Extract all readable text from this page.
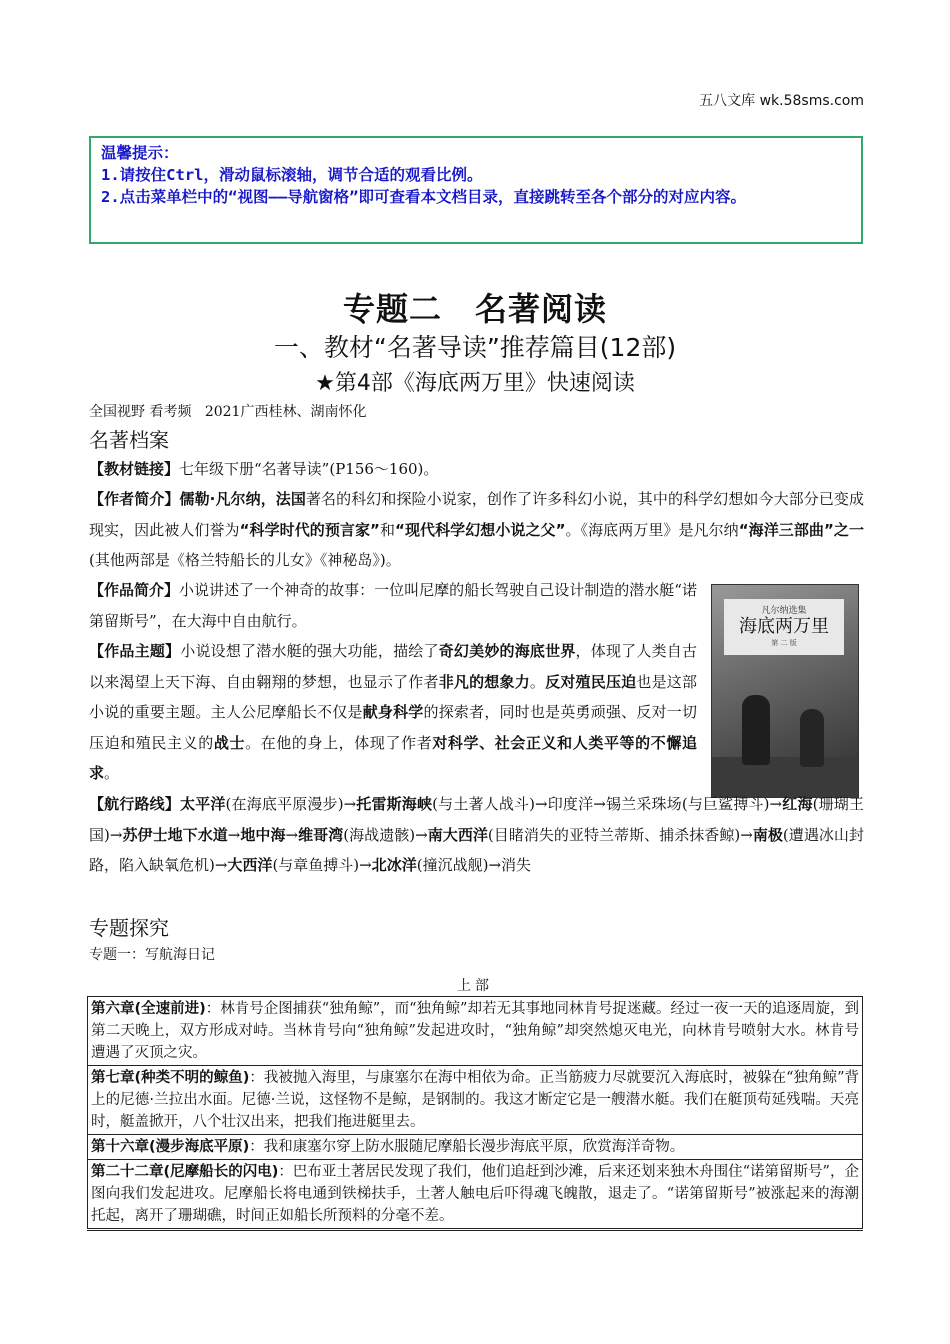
五八文库 wk.58sms.com
温馨提示：
1.请按住Ctrl，滑动鼠标滚轴，调节合适的观看比例。
2.点击菜单栏中的“视图——导航窗格”即可查看本文档目录，直接跳转至各个部分的对应内容。
专题二　名著阅读
一、教材“名著导读”推荐篇目(12部)
★第4部《海底两万里》快速阅读
全国视野 看考频 2021广西桂林、湖南怀化
名著档案
【教材链接】七年级下册“名著导读”(P156～160)。
【作者简介】儒勒·凡尔纳，法国著名的科幻和探险小说家，创作了许多科幻小说，其中的科学幻想如今大部分已变成现实，因此被人们誉为“科学时代的预言家”和“现代科学幻想小说之父”。《海底两万里》是凡尔纳“海洋三部曲”之一(其他两部是《格兰特船长的儿女》《神秘岛》)。
【作品简介】小说讲述了一个神奇的故事：一位叫尼摩的船长驾驶自己设计制造的潜水艇“诺第留斯号”，在大海中自由航行。
【作品主题】小说设想了潜水艇的强大功能，描绘了奇幻美妙的海底世界，体现了人类自古以来渴望上天下海、自由翱翔的梦想，也显示了作者非凡的想象力。反对殖民压迫也是这部小说的重要主题。主人公尼摩船长不仅是献身科学的探索者，同时也是英勇顽强、反对一切压迫和殖民主义的战士。在他的身上，体现了作者对科学、社会正义和人类平等的不懈追求。
凡尔纳选集
海底两万里
第 二 版
【航行路线】太平洋(在海底平原漫步)→托雷斯海峡(与土著人战斗)→印度洋→锡兰采珠场(与巨鲨搏斗)→红海(珊瑚王国)→苏伊士地下水道→地中海→维哥湾(海战遗骸)→南大西洋(目睹消失的亚特兰蒂斯、捕杀抹香鲸)→南极(遭遇冰山封路，陷入缺氧危机)→大西洋(与章鱼搏斗)→北冰洋(撞沉战舰)→消失
专题探究
专题一：写航海日记
上部
第六章(全速前进)：林肯号企图捕获“独角鲸”，而“独角鲸”却若无其事地同林肯号捉迷藏。经过一夜一天的追逐周旋，到第二天晚上，双方形成对峙。当林肯号向“独角鲸”发起进攻时，“独角鲸”却突然熄灭电光，向林肯号喷射大水。林肯号遭遇了灭顶之灾。
第七章(种类不明的鲸鱼)：我被抛入海里，与康塞尔在海中相依为命。正当筋疲力尽就要沉入海底时，被躲在“独角鲸”背上的尼德·兰拉出水面。尼德·兰说，这怪物不是鲸，是钢制的。我这才断定它是一艘潜水艇。我们在艇顶苟延残喘。天亮时，艇盖掀开，八个壮汉出来，把我们拖进艇里去。
第十六章(漫步海底平原)：我和康塞尔穿上防水服随尼摩船长漫步海底平原，欣赏海洋奇物。
第二十二章(尼摩船长的闪电)：巴布亚土著居民发现了我们，他们追赶到沙滩，后来还划来独木舟围住“诺第留斯号”，企图向我们发起进攻。尼摩船长将电通到铁梯扶手，土著人触电后吓得魂飞魄散，退走了。“诺第留斯号”被涨起来的海潮托起，离开了珊瑚礁，时间正如船长所预料的分毫不差。
